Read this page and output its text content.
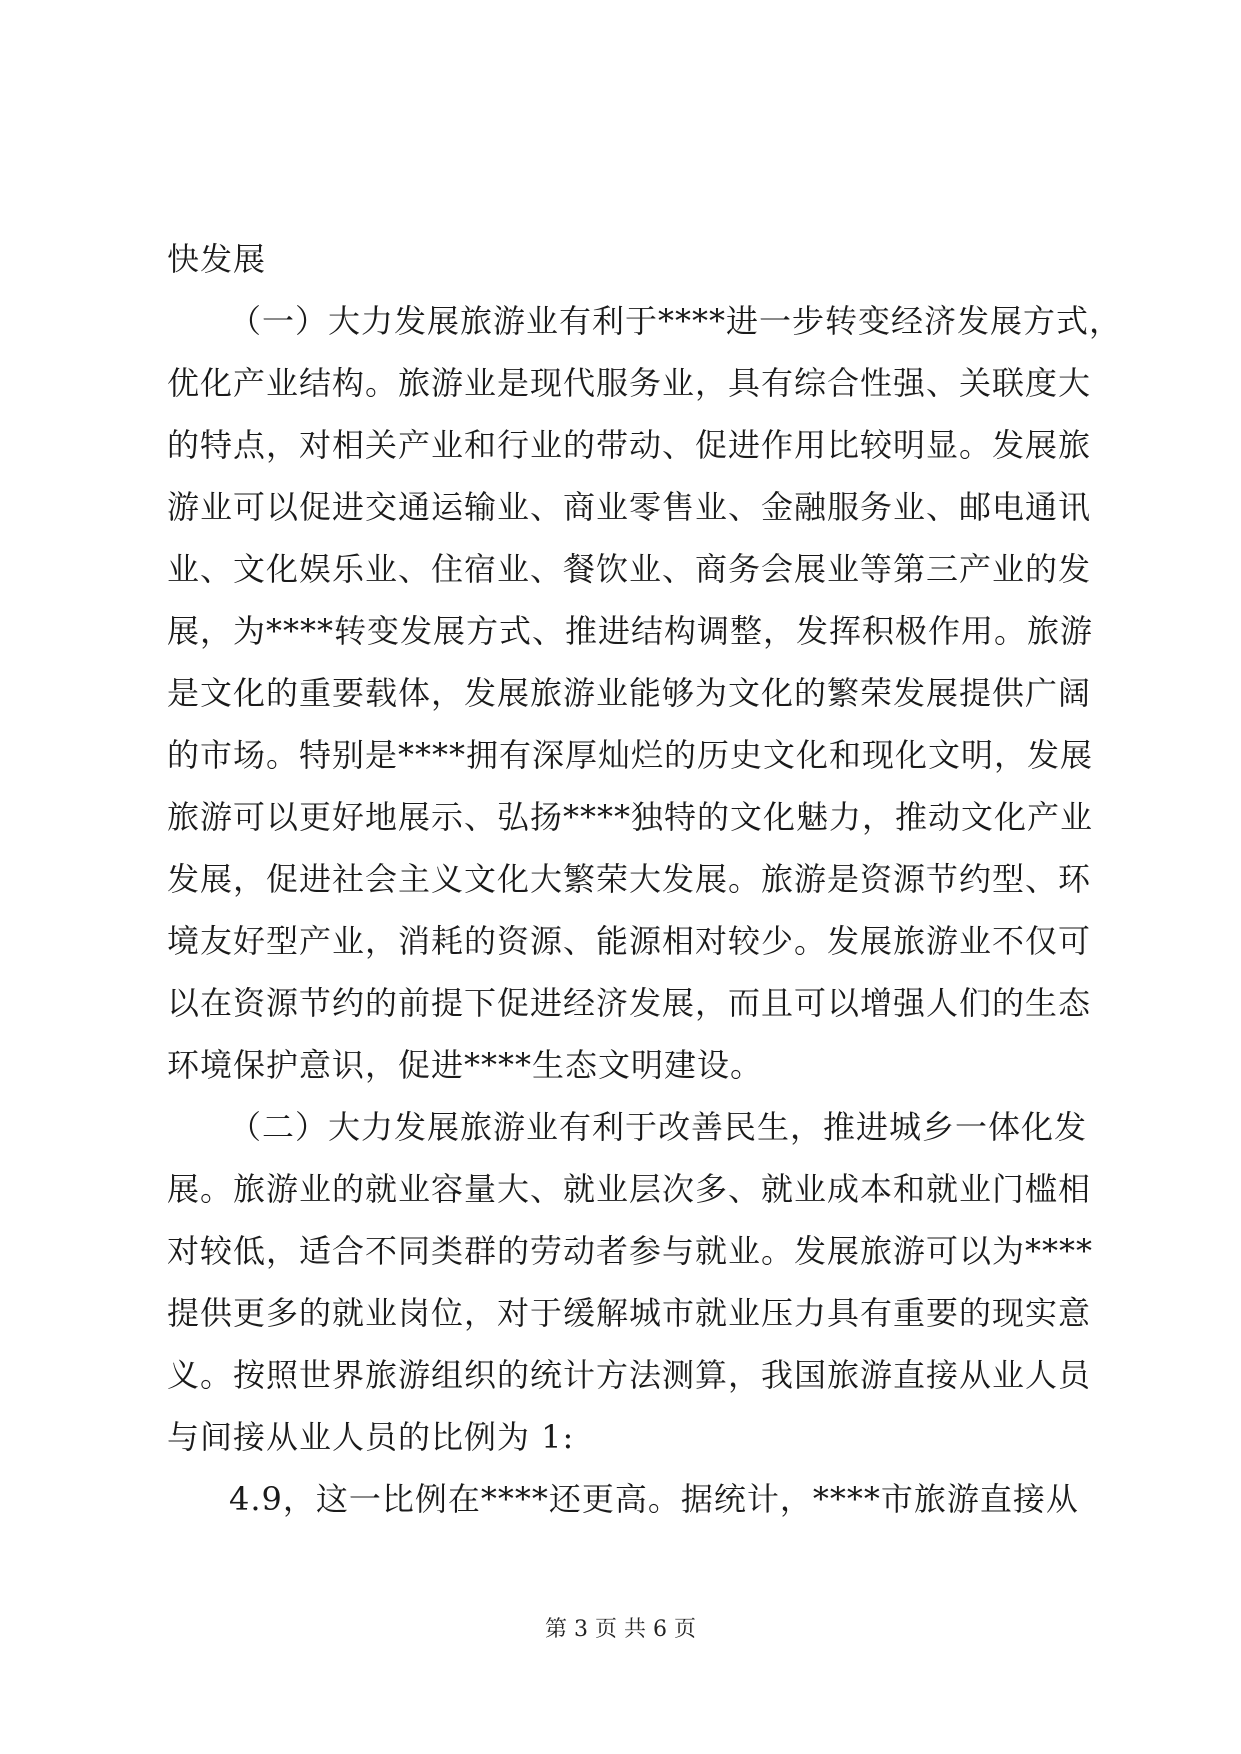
快发展
（一）大力发展旅游业有利于****进一步转变经济发展方式，
优化产业结构。旅游业是现代服务业，具有综合性强、关联度大
的特点，对相关产业和行业的带动、促进作用比较明显。发展旅
游业可以促进交通运输业、商业零售业、金融服务业、邮电通讯
业、文化娱乐业、住宿业、餐饮业、商务会展业等第三产业的发
展，为****转变发展方式、推进结构调整，发挥积极作用。旅游
是文化的重要载体，发展旅游业能够为文化的繁荣发展提供广阔
的市场。特别是****拥有深厚灿烂的历史文化和现化文明，发展
旅游可以更好地展示、弘扬****独特的文化魅力，推动文化产业
发展，促进社会主义文化大繁荣大发展。旅游是资源节约型、环
境友好型产业，消耗的资源、能源相对较少。发展旅游业不仅可
以在资源节约的前提下促进经济发展，而且可以增强人们的生态
环境保护意识，促进****生态文明建设。
（二）大力发展旅游业有利于改善民生，推进城乡一体化发
展。旅游业的就业容量大、就业层次多、就业成本和就业门槛相
对较低，适合不同类群的劳动者参与就业。发展旅游可以为****
提供更多的就业岗位，对于缓解城市就业压力具有重要的现实意
义。按照世界旅游组织的统计方法测算，我国旅游直接从业人员
与间接从业人员的比例为 1:
4.9，这一比例在****还更高。据统计，****市旅游直接从
第 3 页 共 6 页
